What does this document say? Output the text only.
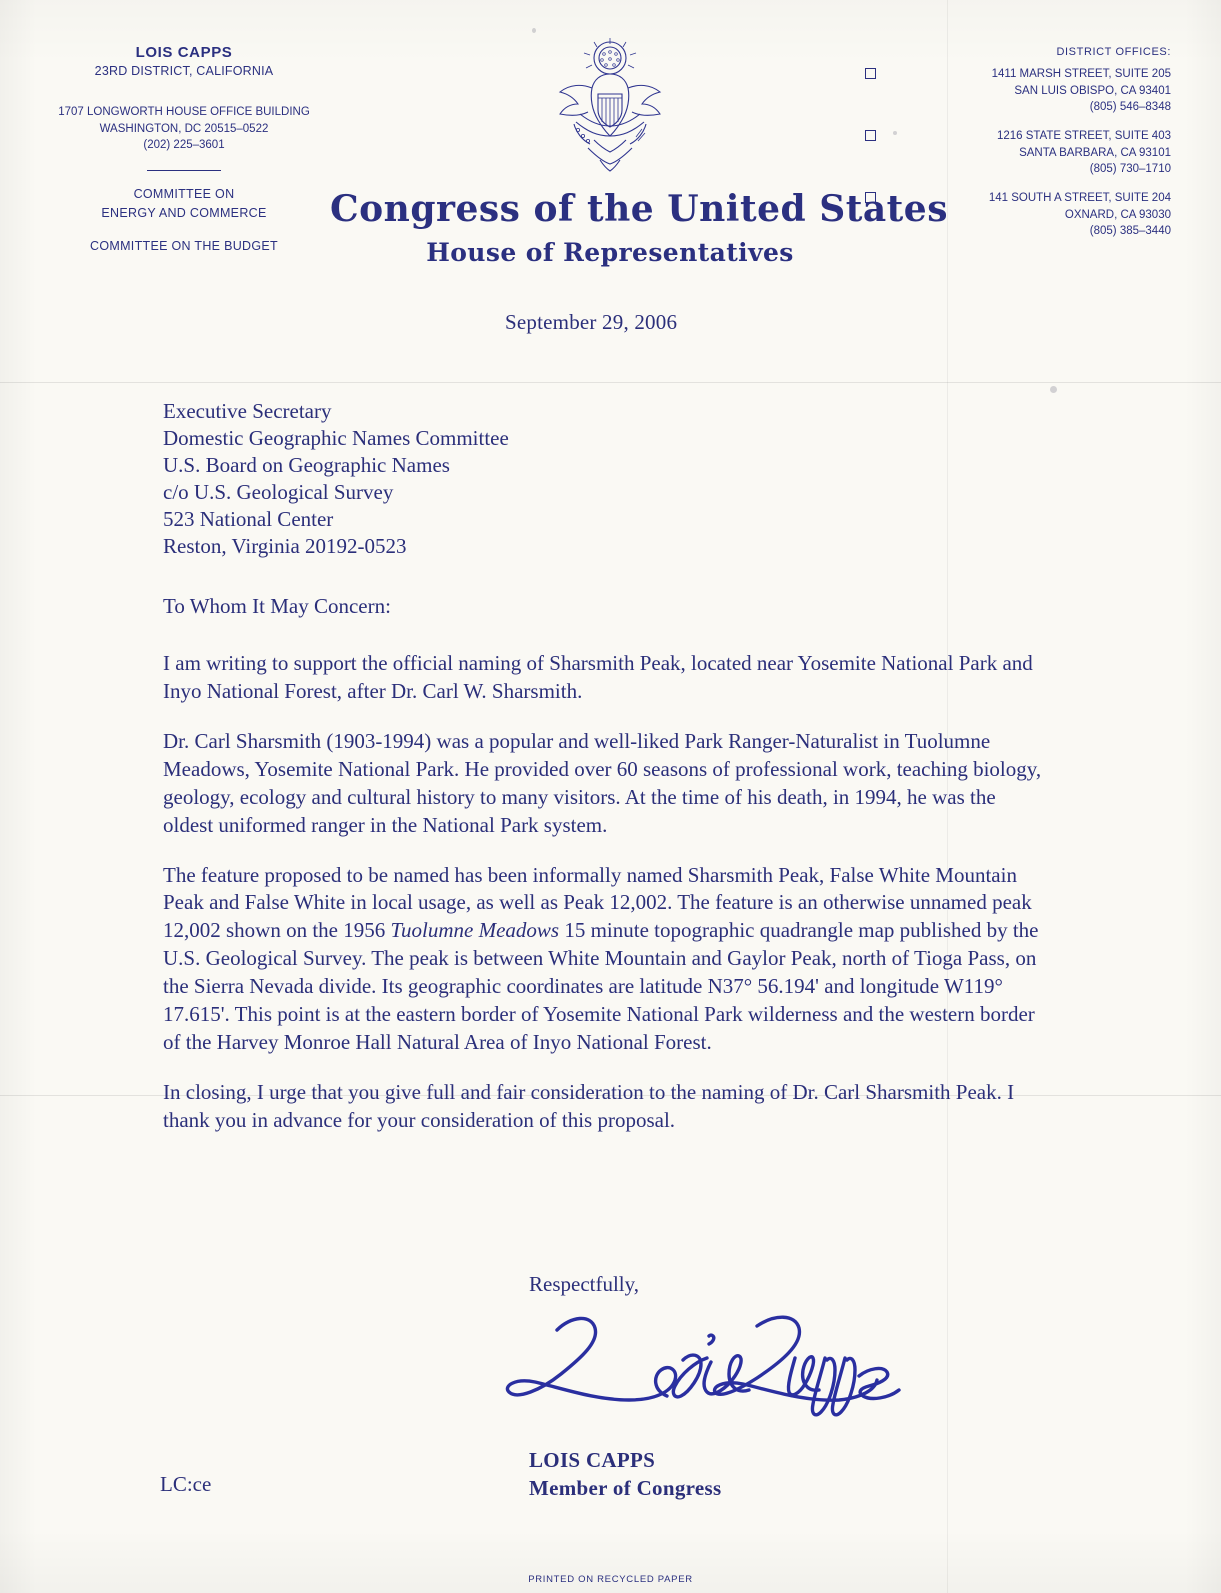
LOIS CAPPS
23RD DISTRICT, CALIFORNIA
1707 LONGWORTH HOUSE OFFICE BUILDING
WASHINGTON, DC 20515–0522
(202) 225–3601
COMMITTEE ON
ENERGY AND COMMERCE
COMMITTEE ON THE BUDGET
Congress of the United States
House of Representatives
DISTRICT OFFICES:
1411 MARSH STREET, SUITE 205
SAN LUIS OBISPO, CA 93401
(805) 546–8348
1216 STATE STREET, SUITE 403
SANTA BARBARA, CA 93101
(805) 730–1710
141 SOUTH A STREET, SUITE 204
OXNARD, CA 93030
(805) 385–3440
September 29, 2006
Executive Secretary
Domestic Geographic Names Committee
U.S. Board on Geographic Names
c/o U.S. Geological Survey
523 National Center
Reston, Virginia 20192-0523
To Whom It May Concern:

I am writing to support the official naming of Sharsmith Peak, located near Yosemite National Park and Inyo National Forest, after Dr. Carl W. Sharsmith.

Dr. Carl Sharsmith (1903-1994) was a popular and well-liked Park Ranger-Naturalist in Tuolumne Meadows, Yosemite National Park. He provided over 60 seasons of professional work, teaching biology, geology, ecology and cultural history to many visitors. At the time of his death, in 1994, he was the oldest uniformed ranger in the National Park system.

The feature proposed to be named has been informally named Sharsmith Peak, False White Mountain Peak and False White in local usage, as well as Peak 12,002. The feature is an otherwise unnamed peak 12,002 shown on the 1956 Tuolumne Meadows 15 minute topographic quadrangle map published by the U.S. Geological Survey. The peak is between White Mountain and Gaylor Peak, north of Tioga Pass, on the Sierra Nevada divide. Its geographic coordinates are latitude N37° 56.194' and longitude W119° 17.615'. This point is at the eastern border of Yosemite National Park wilderness and the western border of the Harvey Monroe Hall Natural Area of Inyo National Forest.

In closing, I urge that you give full and fair consideration to the naming of Dr. Carl Sharsmith Peak. I thank you in advance for your consideration of this proposal.

Respectfully,
LOIS CAPPS
Member of Congress
LC:ce
PRINTED ON RECYCLED PAPER
